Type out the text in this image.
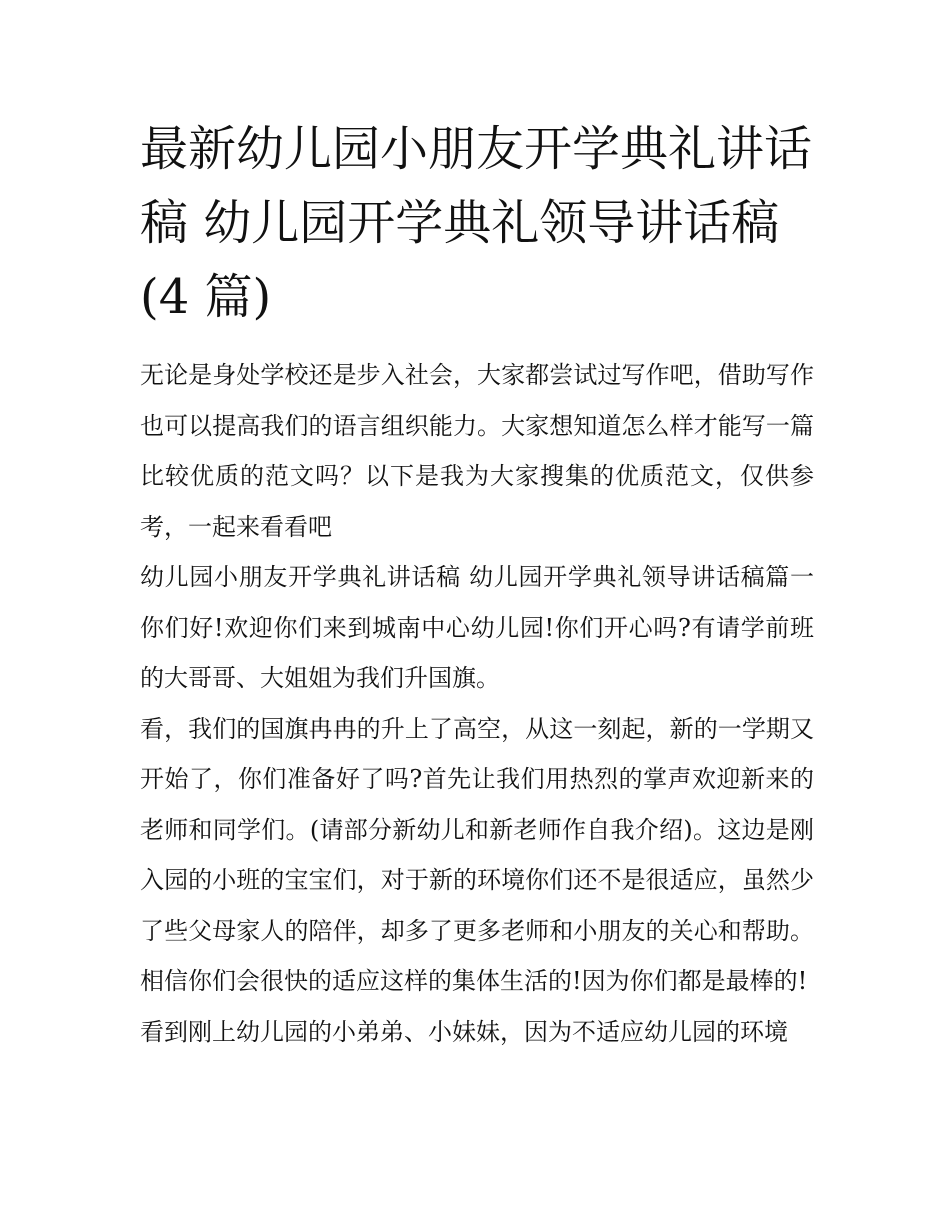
最新幼儿园小朋友开学典礼讲话稿 幼儿园开学典礼领导讲话稿(4 篇)

无论是身处学校还是步入社会，大家都尝试过写作吧，借助写作也可以提高我们的语言组织能力。大家想知道怎么样才能写一篇比较优质的范文吗？以下是我为大家搜集的优质范文，仅供参考，一起来看看吧

幼儿园小朋友开学典礼讲话稿 幼儿园开学典礼领导讲话稿篇一 你们好!欢迎你们来到城南中心幼儿园!你们开心吗?有请学前班的大哥哥、大姐姐为我们升国旗。

看，我们的国旗冉冉的升上了高空，从这一刻起，新的一学期又开始了，你们准备好了吗?首先让我们用热烈的掌声欢迎新来的老师和同学们。(请部分新幼儿和新老师作自我介绍)。这边是刚入园的小班的宝宝们，对于新的环境你们还不是很适应，虽然少了些父母家人的陪伴，却多了更多老师和小朋友的关心和帮助。相信你们会很快的适应这样的集体生活的!因为你们都是最棒的!

看到刚上幼儿园的小弟弟、小妹妹，因为不适应幼儿园的环境
